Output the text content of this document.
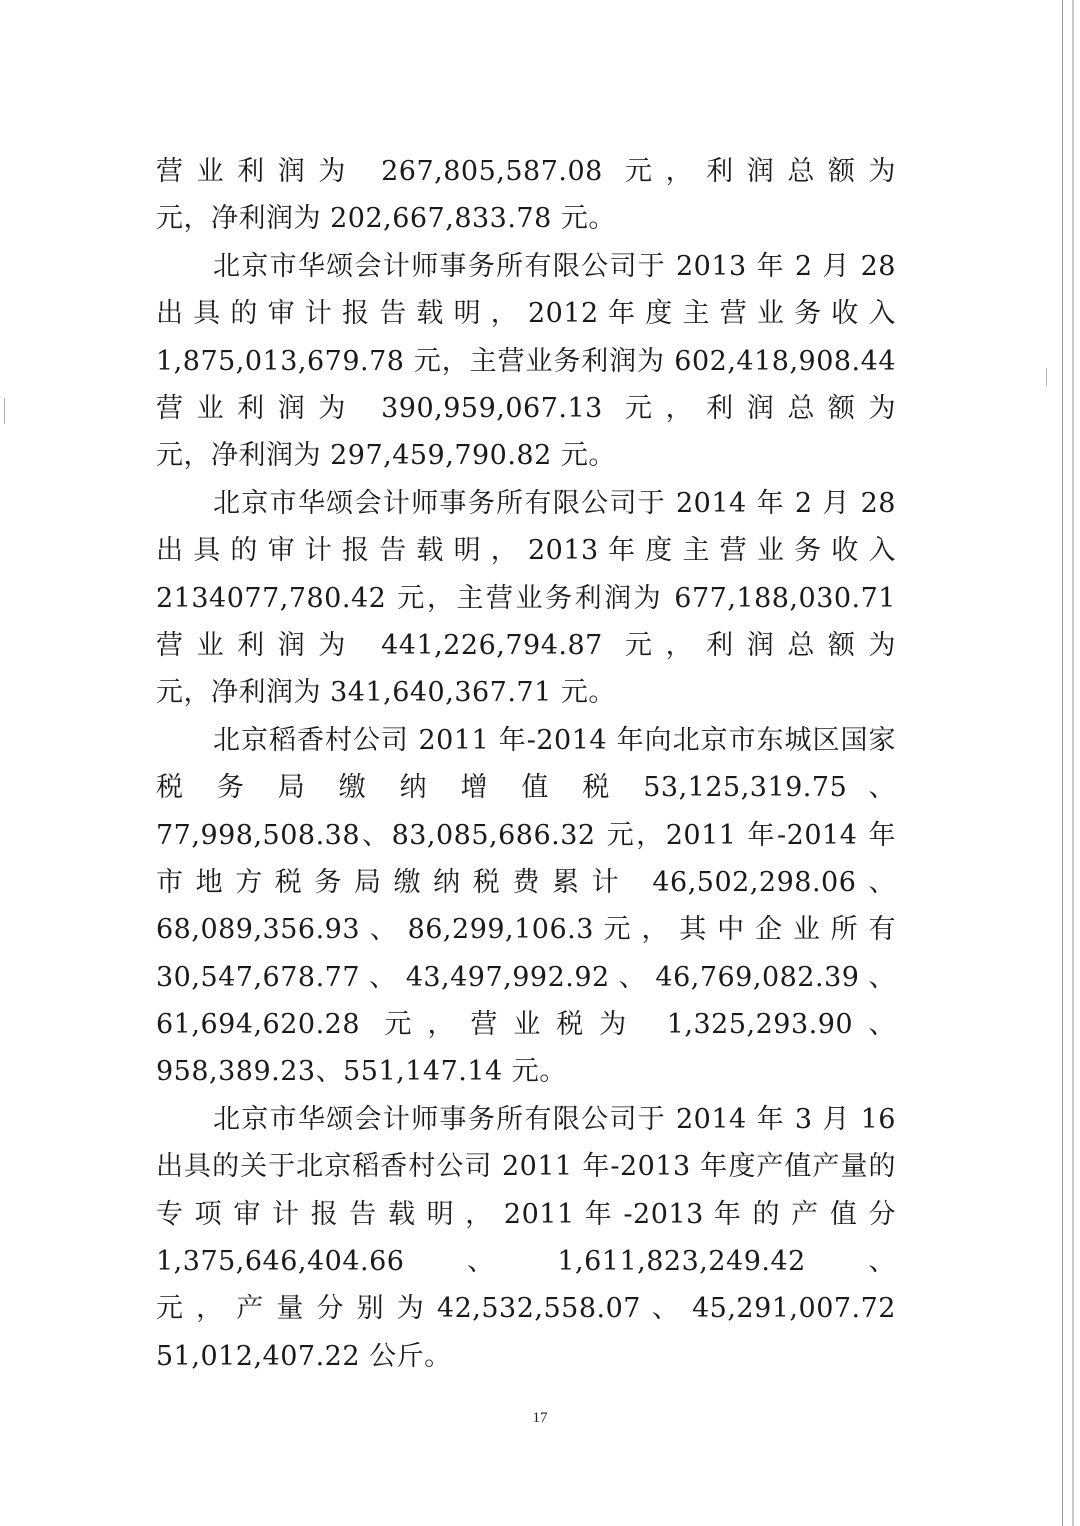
营业利润为 267,805,587.08 元，利润总额为
元，净利润为 202,667,833.78 元。
北京市华颂会计师事务所有限公司于 2013 年 2 月 28
出 具 的 审 计 报 告 载 明 ， 2012 年 度 主 营 业 务 收 入
1,875,013,679.78 元，主营业务利润为 602,418,908.44
营业利润为 390,959,067.13 元，利润总额为
元，净利润为 297,459,790.82 元。
北京市华颂会计师事务所有限公司于 2014 年 2 月 28
出 具 的 审 计 报 告 载 明 ， 2013 年 度 主 营 业 务 收 入
2134077,780.42 元，主营业务利润为 677,188,030.71
营业利润为 441,226,794.87 元，利润总额为
元，净利润为 341,640,367.71 元。
北京稻香村公司 2011 年-2014 年向北京市东城区国家
税 务 局 缴 纳 增 值 税 53,125,319.75 、
77,998,508.38、83,085,686.32 元，2011 年-2014 年
市地方税务局缴纳税费累计 46,502,298.06、
68,089,356.93 、 86,299,106.3 元 ， 其 中 企 业 所 有
30,547,678.77 、 43,497,992.92 、 46,769,082.39 、
61,694,620.28 元，营业税为 1,325,293.90、
958,389.23、551,147.14 元。
北京市华颂会计师事务所有限公司于 2014 年 3 月 16
出具的关于北京稻香村公司 2011 年-2013 年度产值产量的
专 项 审 计 报 告 载 明 ， 2011 年 -2013 年 的 产 值 分
1,375,646,404.66、1,611,823,249.42、
元 ， 产 量 分 别 为 42,532,558.07 、 45,291,007.72
51,012,407.22 公斤。
17
